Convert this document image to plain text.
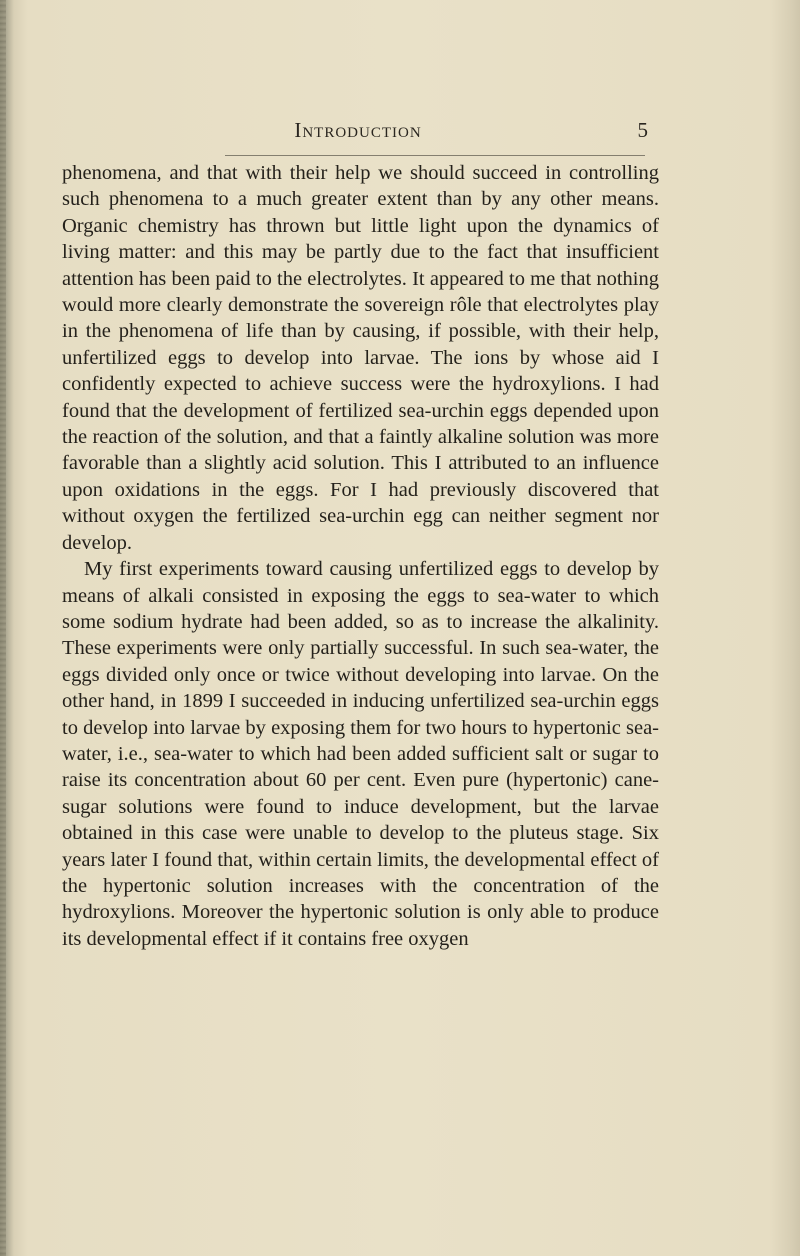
Introduction	5

phenomena, and that with their help we should succeed in controlling such phenomena to a much greater extent than by any other means. Organic chemistry has thrown but little light upon the dynamics of living matter: and this may be partly due to the fact that insufficient attention has been paid to the electrolytes. It appeared to me that nothing would more clearly demonstrate the sovereign rôle that electrolytes play in the phenomena of life than by causing, if possible, with their help, unfertilized eggs to develop into larvae. The ions by whose aid I confidently expected to achieve success were the hydroxylions. I had found that the development of fertilized sea-urchin eggs depended upon the reaction of the solution, and that a faintly alkaline solution was more favorable than a slightly acid solution. This I attributed to an influence upon oxidations in the eggs. For I had previously discovered that without oxygen the fertilized sea-urchin egg can neither segment nor develop.

My first experiments toward causing unfertilized eggs to develop by means of alkali consisted in exposing the eggs to sea-water to which some sodium hydrate had been added, so as to increase the alkalinity. These experiments were only partially successful. In such sea-water, the eggs divided only once or twice without developing into larvae. On the other hand, in 1899 I succeeded in inducing unfertilized sea-urchin eggs to develop into larvae by exposing them for two hours to hypertonic sea-water, i.e., sea-water to which had been added sufficient salt or sugar to raise its concentration about 60 per cent. Even pure (hypertonic) cane-sugar solutions were found to induce development, but the larvae obtained in this case were unable to develop to the pluteus stage. Six years later I found that, within certain limits, the developmental effect of the hypertonic solution increases with the concentration of the hydroxylions. Moreover the hypertonic solution is only able to produce its developmental effect if it contains free oxygen
